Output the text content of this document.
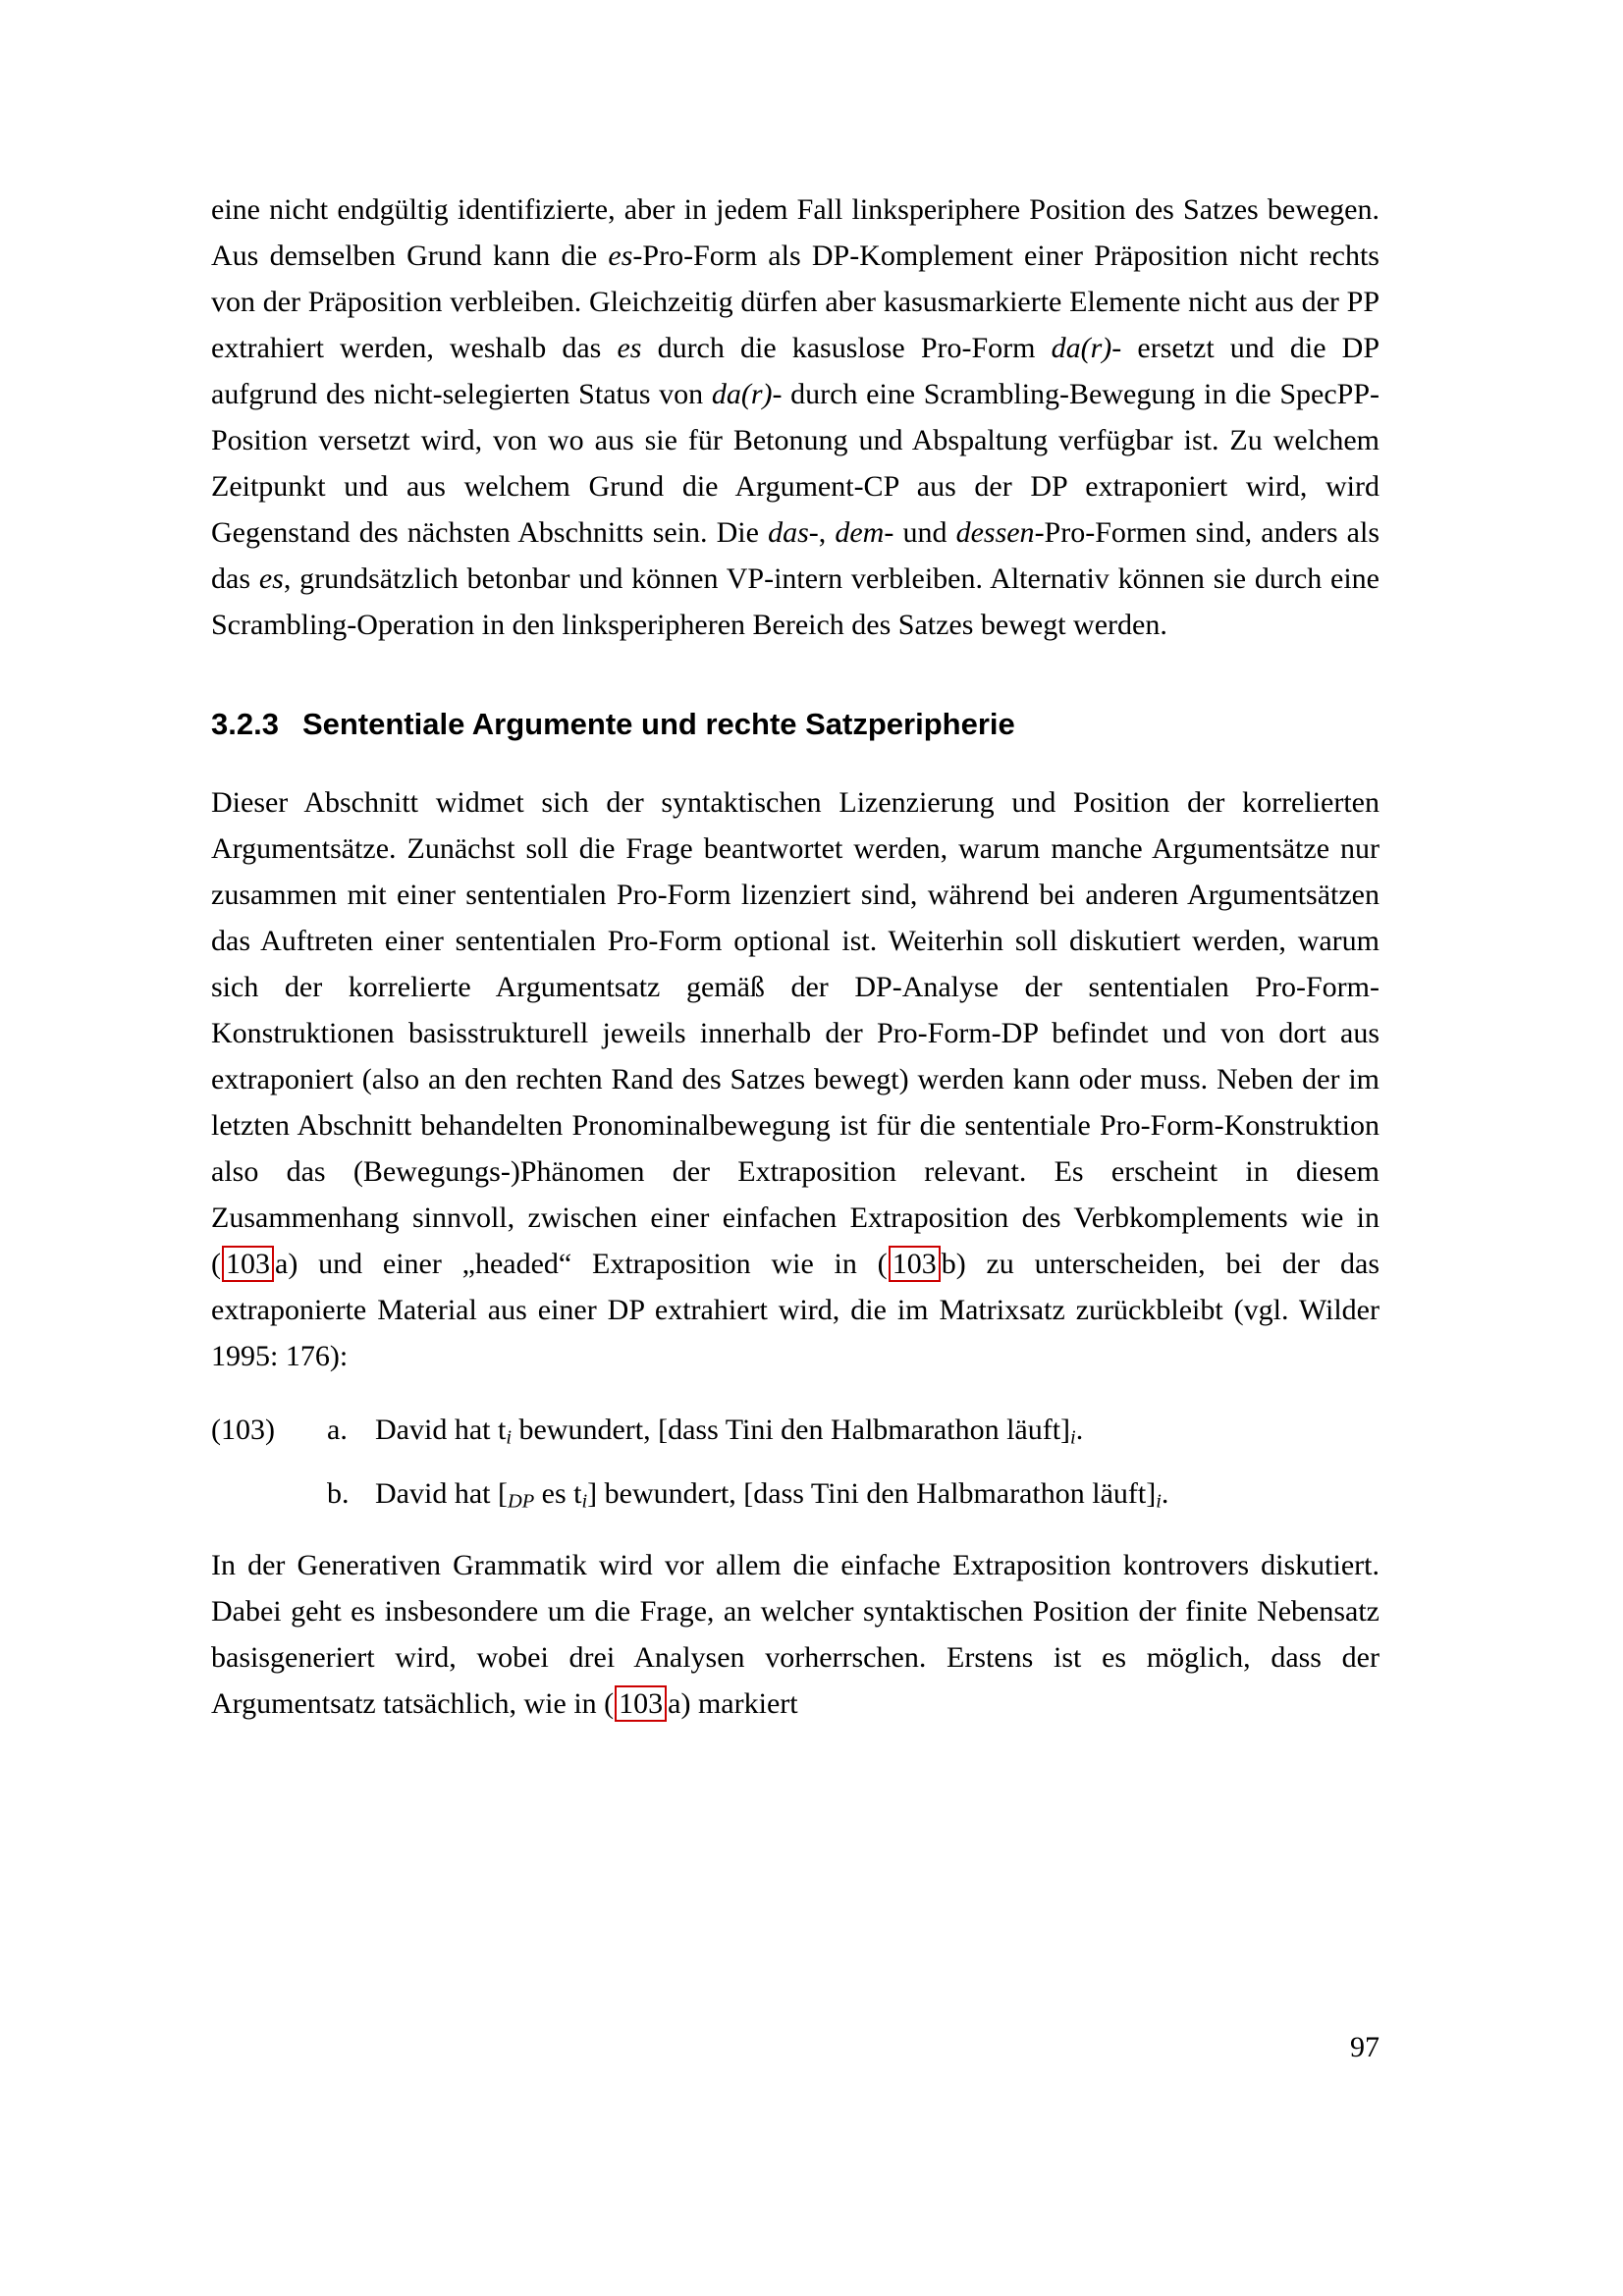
eine nicht endgültig identifizierte, aber in jedem Fall linksperiphere Position des Satzes bewegen. Aus demselben Grund kann die es-Pro-Form als DP-Komplement einer Präposition nicht rechts von der Präposition verbleiben. Gleichzeitig dürfen aber kasusmarkierte Elemente nicht aus der PP extrahiert werden, weshalb das es durch die kasuslose Pro-Form da(r)- ersetzt und die DP aufgrund des nicht-selegierten Status von da(r)- durch eine Scrambling-Bewegung in die SpecPP-Position versetzt wird, von wo aus sie für Betonung und Abspaltung verfügbar ist. Zu welchem Zeitpunkt und aus welchem Grund die Argument-CP aus der DP extraponiert wird, wird Gegenstand des nächsten Abschnitts sein. Die das-, dem- und dessen-Pro-Formen sind, anders als das es, grundsätzlich betonbar und können VP-intern verbleiben. Alternativ können sie durch eine Scrambling-Operation in den linksperipheren Bereich des Satzes bewegt werden.

3.2.3 Sententiale Argumente und rechte Satzperipherie

Dieser Abschnitt widmet sich der syntaktischen Lizenzierung und Position der korrelierten Argumentsätze. Zunächst soll die Frage beantwortet werden, warum manche Argumentsätze nur zusammen mit einer sententialen Pro-Form lizenziert sind, während bei anderen Argumentsätzen das Auftreten einer sententialen Pro-Form optional ist. Weiterhin soll diskutiert werden, warum sich der korrelierte Argumentsatz gemäß der DP-Analyse der sententialen Pro-Form-Konstruktionen basisstrukturell jeweils innerhalb der Pro-Form-DP befindet und von dort aus extraponiert (also an den rechten Rand des Satzes bewegt) werden kann oder muss. Neben der im letzten Abschnitt behandelten Pronominalbewegung ist für die sententiale Pro-Form-Konstruktion also das (Bewegungs-)Phänomen der Extraposition relevant. Es erscheint in diesem Zusammenhang sinnvoll, zwischen einer einfachen Extraposition des Verbkomplements wie in ( 103 a) und einer „headed“ Extraposition wie in ( 103 b) zu unterscheiden, bei der das extraponierte Material aus einer DP extrahiert wird, die im Matrixsatz zurückbleibt (vgl. Wilder 1995: 176):

(103)	a. David hat $t_i$ bewundert, [dass Tini den Halbmarathon $läuft]_i$.
b. David hat [$_{DP}$ es $t_i$] bewundert, [dass Tini den Halbmarathon $läuft]_i$.

In der Generativen Grammatik wird vor allem die einfache Extraposition kontrovers diskutiert. Dabei geht es insbesondere um die Frage, an welcher syntaktischen Position der finite Nebensatz basisgeneriert wird, wobei drei Analysen vorherrschen. Erstens ist es möglich, dass der Argumentsatz tatsächlich, wie in ( 103 a) markiert

97
